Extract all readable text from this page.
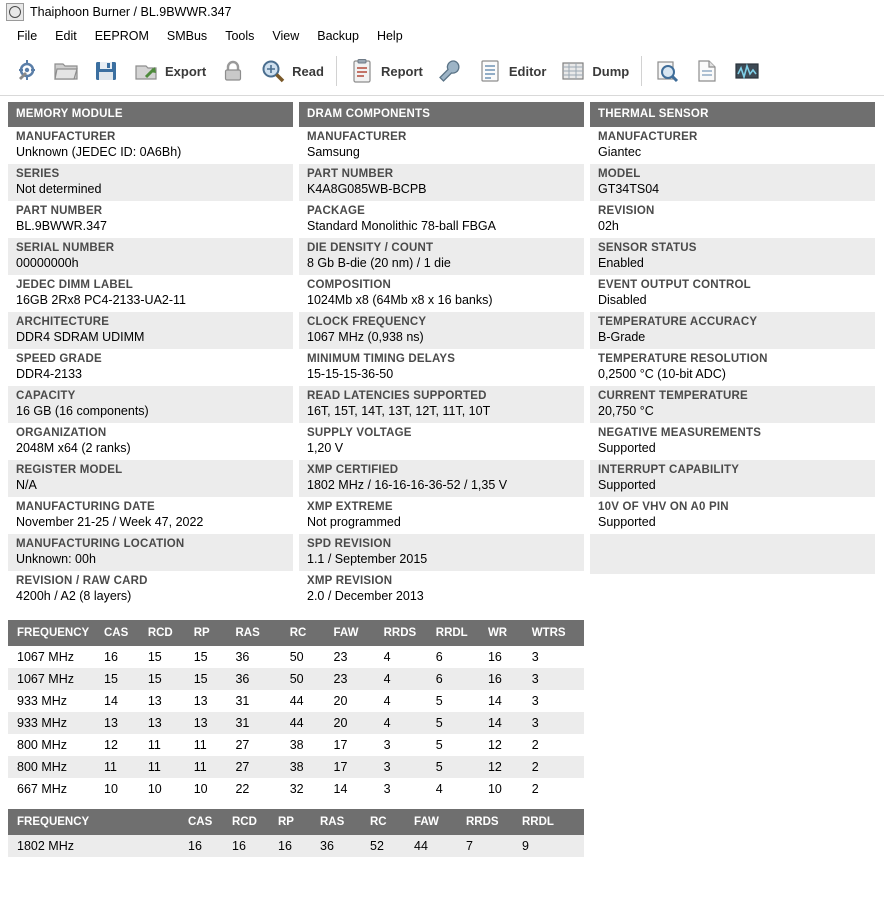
Thaiphoon Burner / BL.9BWWR.347
File	Edit	EEPROM	SMBus	Tools	View	Backup	Help
Export	Read	Report	Editor	Dump
MEMORY MODULE
MANUFACTURER
Unknown (JEDEC ID: 0A6Bh)
SERIES
Not determined
PART NUMBER
BL.9BWWR.347
SERIAL NUMBER
00000000h
JEDEC DIMM LABEL
16GB 2Rx8 PC4-2133-UA2-11
ARCHITECTURE
DDR4 SDRAM UDIMM
SPEED GRADE
DDR4-2133
CAPACITY
16 GB (16 components)
ORGANIZATION
2048M x64 (2 ranks)
REGISTER MODEL
N/A
MANUFACTURING DATE
November 21-25 / Week 47, 2022
MANUFACTURING LOCATION
Unknown: 00h
REVISION / RAW CARD
4200h / A2 (8 layers)
DRAM COMPONENTS
MANUFACTURER
Samsung
PART NUMBER
K4A8G085WB-BCPB
PACKAGE
Standard Monolithic 78-ball FBGA
DIE DENSITY / COUNT
8 Gb B-die (20 nm) / 1 die
COMPOSITION
1024Mb x8 (64Mb x8 x 16 banks)
CLOCK FREQUENCY
1067 MHz (0,938 ns)
MINIMUM TIMING DELAYS
15-15-15-36-50
READ LATENCIES SUPPORTED
16T, 15T, 14T, 13T, 12T, 11T, 10T
SUPPLY VOLTAGE
1,20 V
XMP CERTIFIED
1802 MHz / 16-16-16-36-52 / 1,35 V
XMP EXTREME
Not programmed
SPD REVISION
1.1 / September 2015
XMP REVISION
2.0 / December 2013
THERMAL SENSOR
MANUFACTURER
Giantec
MODEL
GT34TS04
REVISION
02h
SENSOR STATUS
Enabled
EVENT OUTPUT CONTROL
Disabled
TEMPERATURE ACCURACY
B-Grade
TEMPERATURE RESOLUTION
0,2500 °C (10-bit ADC)
CURRENT TEMPERATURE
20,750 °C
NEGATIVE MEASUREMENTS
Supported
INTERRUPT CAPABILITY
Supported
10V OF VHV ON A0 PIN
Supported
FREQUENCY	CAS	RCD	RP	RAS	RC	FAW	RRDS	RRDL	WR	WTRS
1067 MHz	16	15	15	36	50	23	4	6	16	3
1067 MHz	15	15	15	36	50	23	4	6	16	3
933 MHz	14	13	13	31	44	20	4	5	14	3
933 MHz	13	13	13	31	44	20	4	5	14	3
800 MHz	12	11	11	27	38	17	3	5	12	2
800 MHz	11	11	11	27	38	17	3	5	12	2
667 MHz	10	10	10	22	32	14	3	4	10	2
FREQUENCY		CAS	RCD	RP	RAS	RC	FAW	RRDS	RRDL
1802 MHz		16	16	16	36	52	44	7	9
